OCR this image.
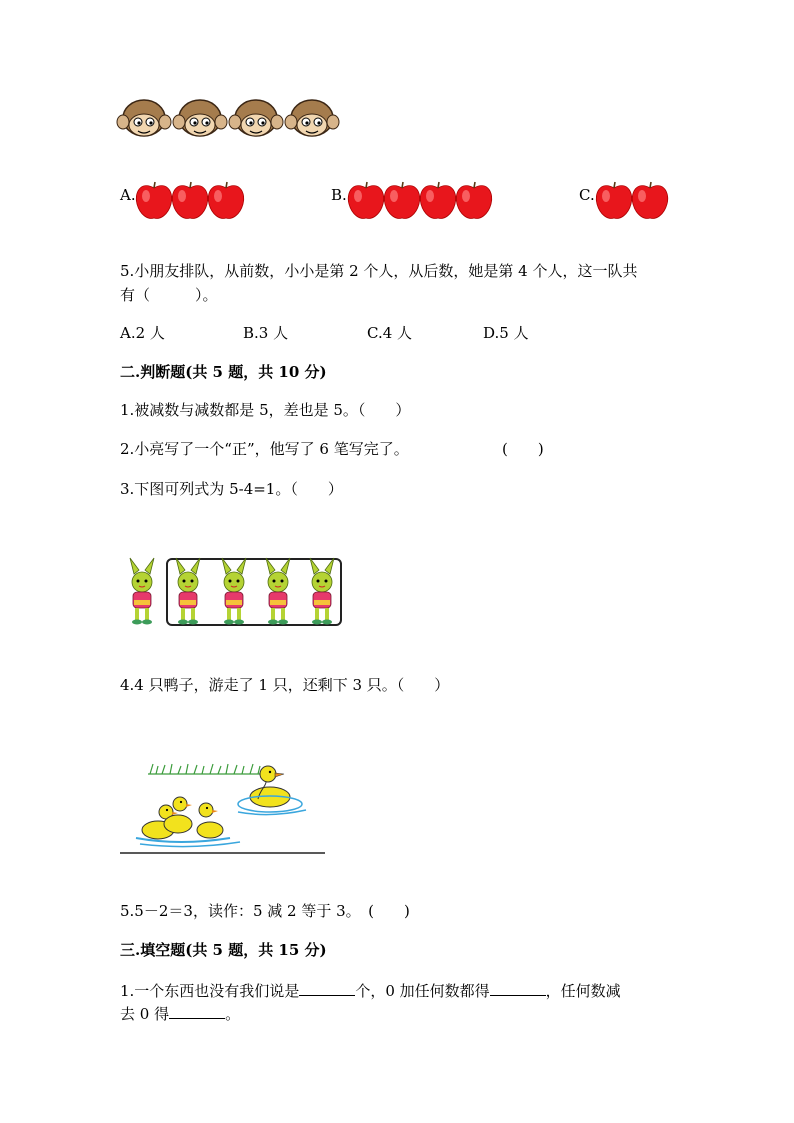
A.	B.	C.
5.小朋友排队，从前数，小小是第 2 个人，从后数，她是第 4 个人，这一队共
有（　　　）。
A.2 人	B.3 人	C.4 人	D.5 人
二.判断题(共 5 题，共 10 分)
1.被减数与减数都是 5，差也是 5。（　　）
2.小亮写了一个“正”，他写了 6 笔写完了。	(　　)
3.下图可列式为 5-4=1。（　　）
4.4 只鸭子，游走了 1 只，还剩下 3 只。（　　）
5.5－2＝3，读作：5 减 2 等于 3。　(　　)
三.填空题(共 5 题，共 15 分)
1.一个东西也没有我们说是	个，0 加任何数都得	，任何数减
去 0 得	。
